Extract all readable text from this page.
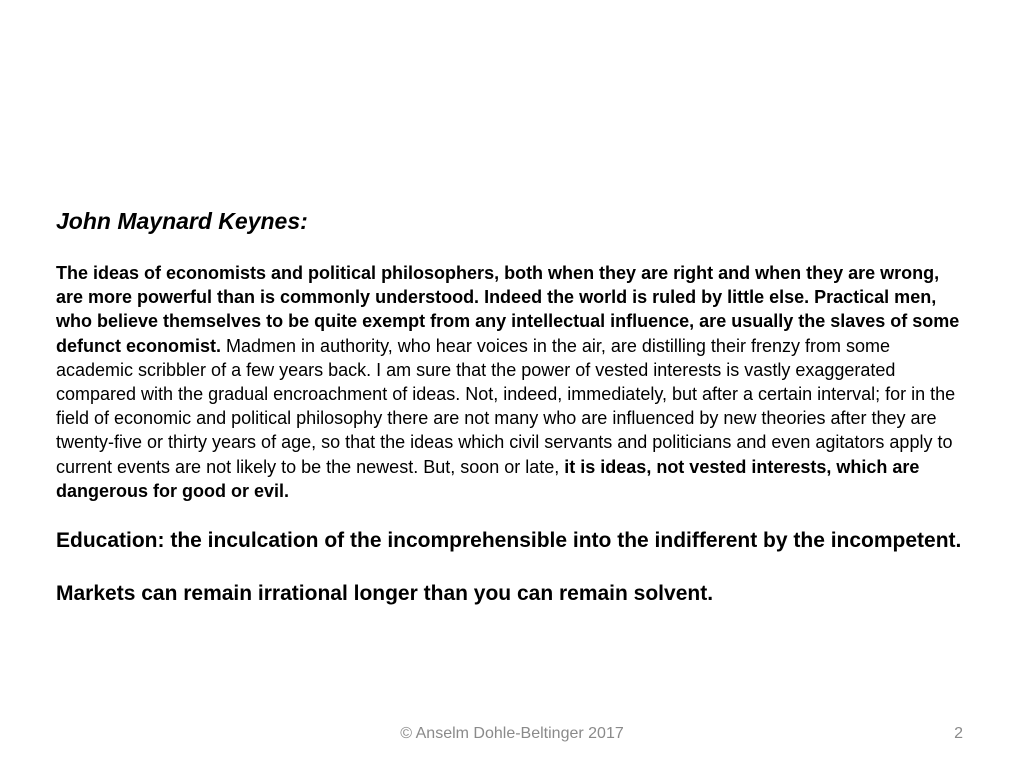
John Maynard Keynes:
The ideas of economists and political philosophers, both when they are right and when they are wrong, are more powerful than is commonly understood. Indeed the world is ruled by little else. Practical men, who believe themselves to be quite exempt from any intellectual influence, are usually the slaves of some defunct economist. Madmen in authority, who hear voices in the air, are distilling their frenzy from some academic scribbler of a few years back. I am sure that the power of vested interests is vastly exaggerated compared with the gradual encroachment of ideas. Not, indeed, immediately, but after a certain interval; for in the field of economic and political philosophy there are not many who are influenced by new theories after they are twenty-five or thirty years of age, so that the ideas which civil servants and politicians and even agitators apply to current events are not likely to be the newest. But, soon or late, it is ideas, not vested interests, which are dangerous for good or evil.
Education: the inculcation of the incomprehensible into the indifferent by the incompetent.
Markets can remain irrational longer than you can remain solvent.
© Anselm Dohle-Beltinger 2017	2
